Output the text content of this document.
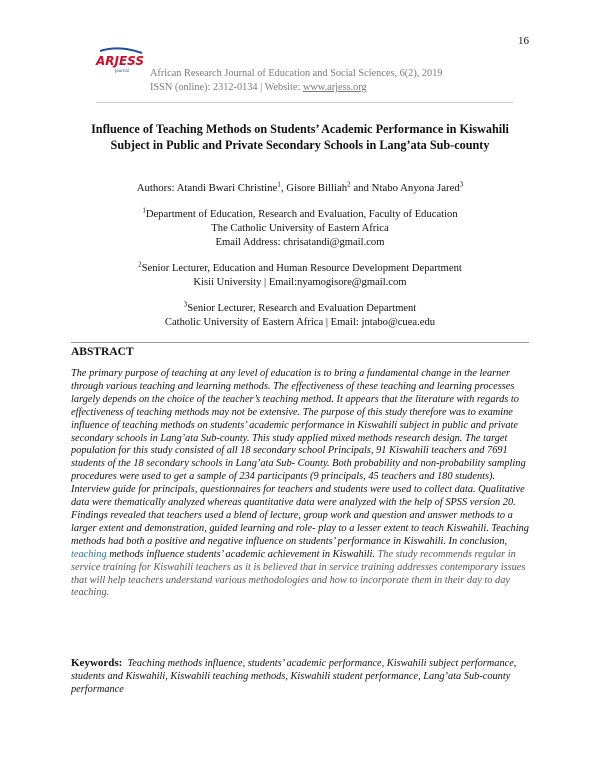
16
ARJESS
Journal African Research Journal of Education and Social Sciences, 6(2), 2019
ISSN (online): 2312-0134 | Website: www.arjess.org
Influence of Teaching Methods on Students’ Academic Performance in Kiswahili Subject in Public and Private Secondary Schools in Lang’ata Sub-county
Authors: Atandi Bwari Christine$^1$, Gisore Billiah$^2$ and Ntabo Anyona Jared$^3$
$^1$Department of Education, Research and Evaluation, Faculty of Education
The Catholic University of Eastern Africa
Email Address: chrisatandi@gmail.com
$^2$Senior Lecturer, Education and Human Resource Development Department
Kisii University | Email:nyamogisore@gmail.com
$^3$Senior Lecturer, Research and Evaluation Department
Catholic University of Eastern Africa | Email: jntabo@cuea.edu
ABSTRACT
The primary purpose of teaching at any level of education is to bring a fundamental change in the learner through various teaching and learning methods. The effectiveness of these teaching and learning processes largely depends on the choice of the teacher’s teaching method. It appears that the literature with regards to effectiveness of teaching methods may not be extensive. The purpose of this study therefore was to examine influence of teaching methods on students’ academic performance in Kiswahili subject in public and private secondary schools in Lang’ata Sub-county. This study applied mixed methods research design. The target population for this study consisted of all 18 secondary school Principals, 91 Kiswahili teachers and 7691 students of the 18 secondary schools in Lang’ata Sub- County. Both probability and non-probability sampling procedures were used to get a sample of 234 participants (9 principals, 45 teachers and 180 students). Interview guide for principals, questionnaires for teachers and students were used to collect data. Qualitative data were thematically analyzed whereas quantitative data were analyzed with the help of SPSS version 20. Findings revealed that teachers used a blend of lecture, group work and question and answer methods to a larger extent and demonstration, guided learning and role- play to a lesser extent to teach Kiswahili. Teaching methods had both a positive and negative influence on students’ performance in Kiswahili. In conclusion, teaching methods influence students’ academic achievement in Kiswahili. The study recommends regular in service training for Kiswahili teachers as it is believed that in service training addresses contemporary issues that will help teachers understand various methodologies and how to incorporate them in their day to day teaching.
Keywords: Teaching methods influence, students’ academic performance, Kiswahili subject performance, students and Kiswahili, Kiswahili teaching methods, Kiswahili student performance, Lang’ata Sub-county performance
